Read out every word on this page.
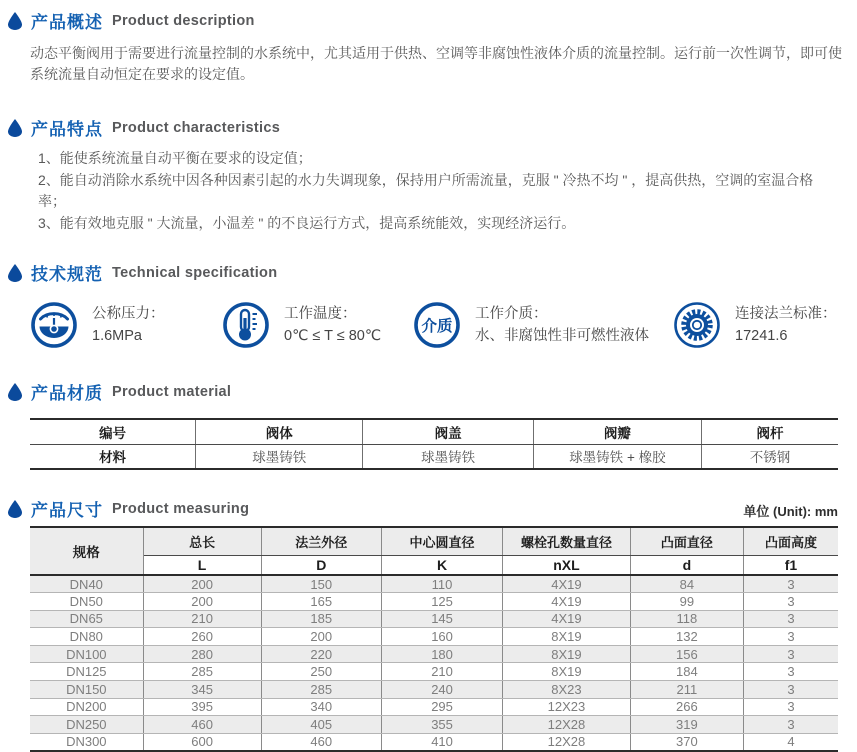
产品概述 Product description
动态平衡阀用于需要进行流量控制的水系统中，尤其适用于供热、空调等非腐蚀性液体介质的流量控制。运行前一次性调节，即可使系统流量自动恒定在要求的设定值。
产品特点 Product characteristics
1、能使系统流量自动平衡在要求的设定值；
2、能自动消除水系统中因各种因素引起的水力失调现象，保持用户所需流量，克服 " 冷热不均 " ，提高供热，空调的室温合格率；
3、能有效地克服 " 大流量，小温差 " 的不良运行方式，提高系统能效，实现经济运行。
技术规范 Technical specification
公称压力：
1.6MPa
工作温度：
0℃ ≤ T ≤ 80℃
介质
工作介质：
水、非腐蚀性非可燃性液体
连接法兰标准：
17241.6
产品材质 Product material
编号	阀体	阀盖	阀瓣	阀杆
材料	球墨铸铁	球墨铸铁	球墨铸铁 + 橡胶	不锈钢
产品尺寸 Product measuring	单位 (Unit): mm
规格	总长	法兰外径	中心圆直径	螺栓孔数量直径	凸面直径	凸面高度
	L	D	K	nXL	d	f1
DN40	200	150	110	4X19	84	3
DN50	200	165	125	4X19	99	3
DN65	210	185	145	4X19	118	3
DN80	260	200	160	8X19	132	3
DN100	280	220	180	8X19	156	3
DN125	285	250	210	8X19	184	3
DN150	345	285	240	8X23	211	3
DN200	395	340	295	12X23	266	3
DN250	460	405	355	12X28	319	3
DN300	600	460	410	12X28	370	4
